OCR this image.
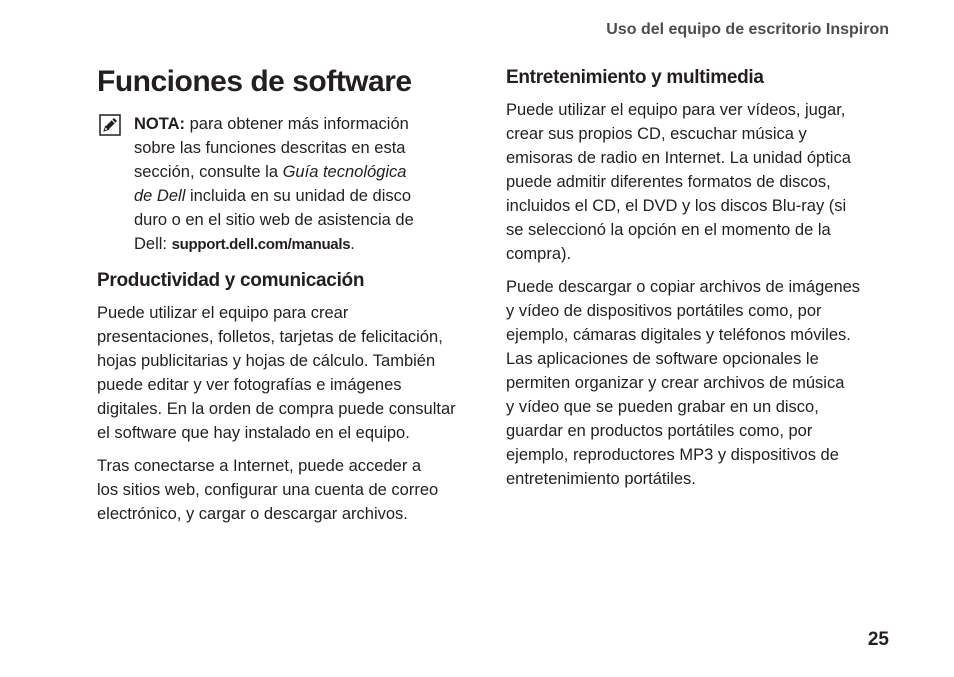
Uso del equipo de escritorio Inspiron
Funciones de software

NOTA: para obtener más información
sobre las funciones descritas en esta
sección, consulte la Guía tecnológica
de Dell incluida en su unidad de disco
duro o en el sitio web de asistencia de
Dell: support.dell.com/manuals.

Productividad y comunicación

Puede utilizar el equipo para crear
presentaciones, folletos, tarjetas de felicitación,
hojas publicitarias y hojas de cálculo. También
puede editar y ver fotografías e imágenes
digitales. En la orden de compra puede consultar
el software que hay instalado en el equipo.

Tras conectarse a Internet, puede acceder a
los sitios web, configurar una cuenta de correo
electrónico, y cargar o descargar archivos.

Entretenimiento y multimedia

Puede utilizar el equipo para ver vídeos, jugar,
crear sus propios CD, escuchar música y
emisoras de radio en Internet. La unidad óptica
puede admitir diferentes formatos de discos,
incluidos el CD, el DVD y los discos Blu-ray (si
se seleccionó la opción en el momento de la
compra).

Puede descargar o copiar archivos de imágenes
y vídeo de dispositivos portátiles como, por
ejemplo, cámaras digitales y teléfonos móviles.
Las aplicaciones de software opcionales le
permiten organizar y crear archivos de música
y vídeo que se pueden grabar en un disco,
guardar en productos portátiles como, por
ejemplo, reproductores MP3 y dispositivos de
entretenimiento portátiles.

25
